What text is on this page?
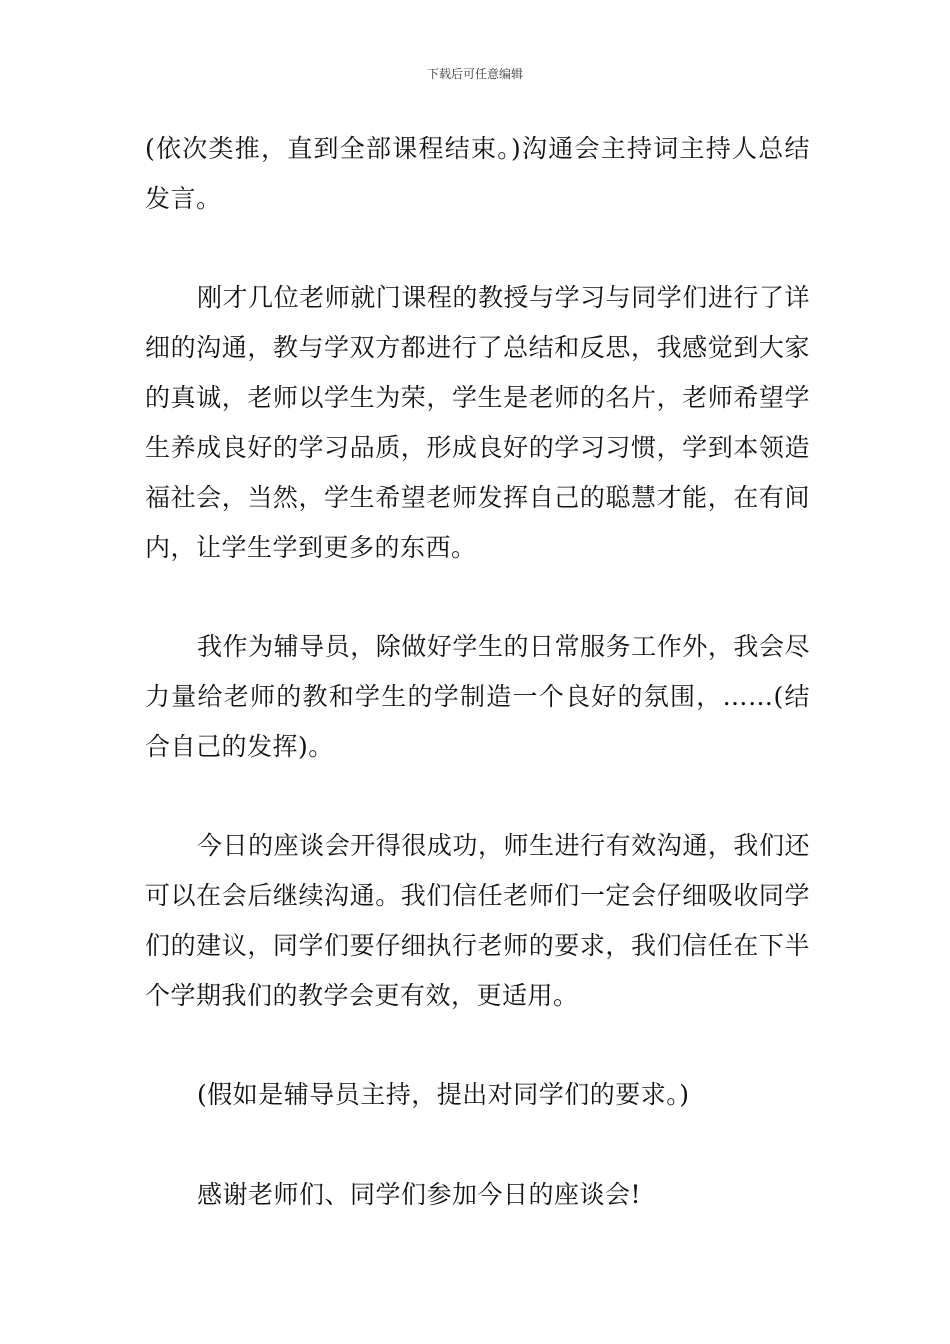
下载后可任意编辑

(依次类推，直到全部课程结束。)沟通会主持词主持人总结发言。

刚才几位老师就门课程的教授与学习与同学们进行了详细的沟通，教与学双方都进行了总结和反思，我感觉到大家的真诚，老师以学生为荣，学生是老师的名片，老师希望学生养成良好的学习品质，形成良好的学习习惯，学到本领造福社会，当然，学生希望老师发挥自己的聪慧才能，在有间内，让学生学到更多的东西。

我作为辅导员，除做好学生的日常服务工作外，我会尽力量给老师的教和学生的学制造一个良好的氛围，……(结合自己的发挥)。

今日的座谈会开得很成功，师生进行有效沟通，我们还可以在会后继续沟通。我们信任老师们一定会仔细吸收同学们的建议，同学们要仔细执行老师的要求，我们信任在下半个学期我们的教学会更有效，更适用。

(假如是辅导员主持，提出对同学们的要求。)

感谢老师们、同学们参加今日的座谈会!
